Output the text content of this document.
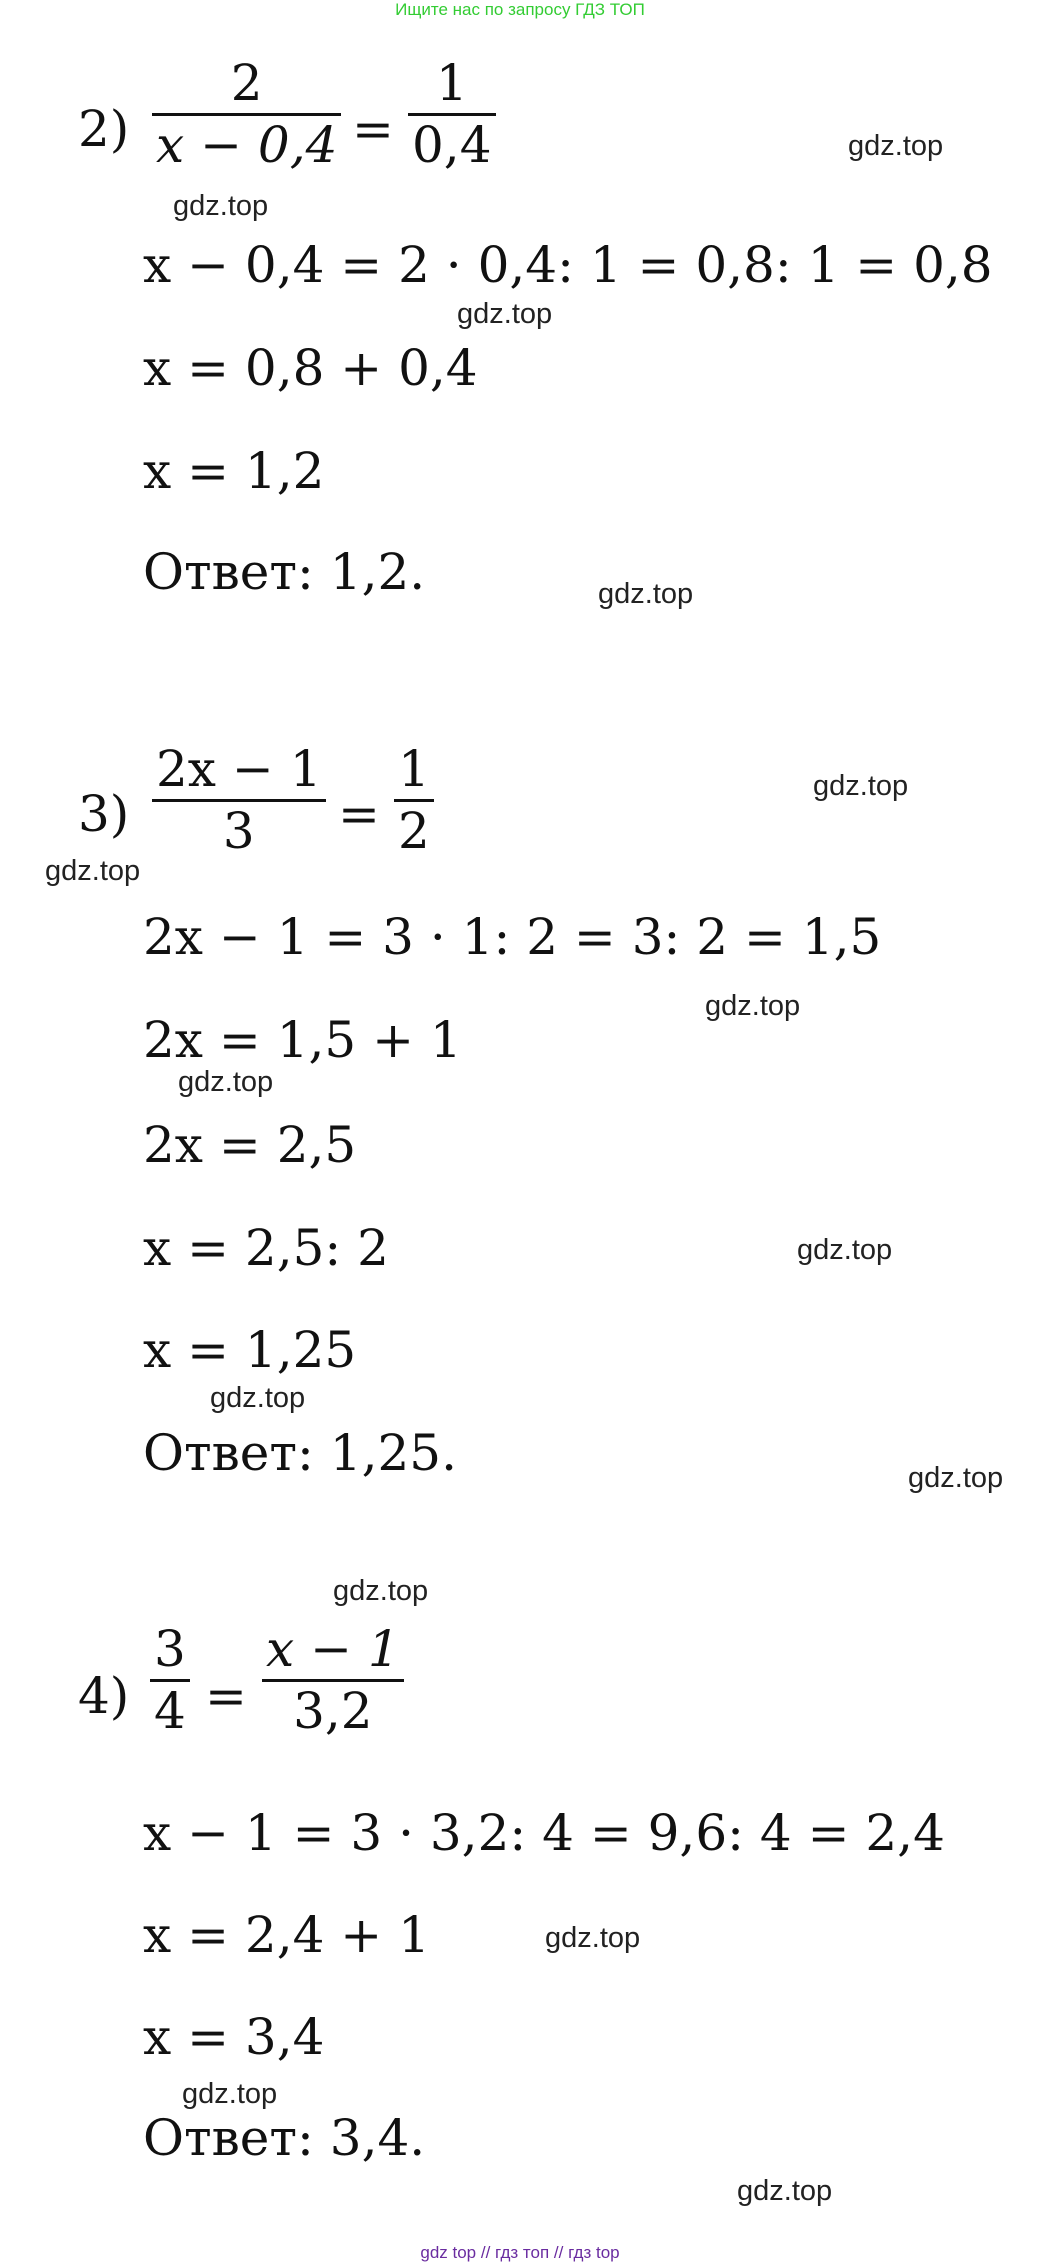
Ищите нас по запросу ГДЗ ТОП
2)
2
x − 0,4 =
1
0,4
x − 0,4 = 2 · 0,4: 1 = 0,8: 1 = 0,8
x = 0,8 + 0,4
x = 1,2
Ответ: 1,2.
3)
2x − 1
3 =
1
2
2x − 1 = 3 · 1: 2 = 3: 2 = 1,5
2x = 1,5 + 1
2x = 2,5
x = 2,5: 2
x = 1,25
Ответ: 1,25.
4)
3
4 =
x − 1
3,2
x − 1 = 3 · 3,2: 4 = 9,6: 4 = 2,4
x = 2,4 + 1
x = 3,4
Ответ: 3,4.
gdz.top
gdz.top
gdz.top
gdz.top
gdz.top
gdz.top
gdz.top
gdz.top
gdz.top
gdz.top
gdz.top
gdz.top
gdz.top
gdz.top
gdz.top
gdz top // гдз топ // гдз top
